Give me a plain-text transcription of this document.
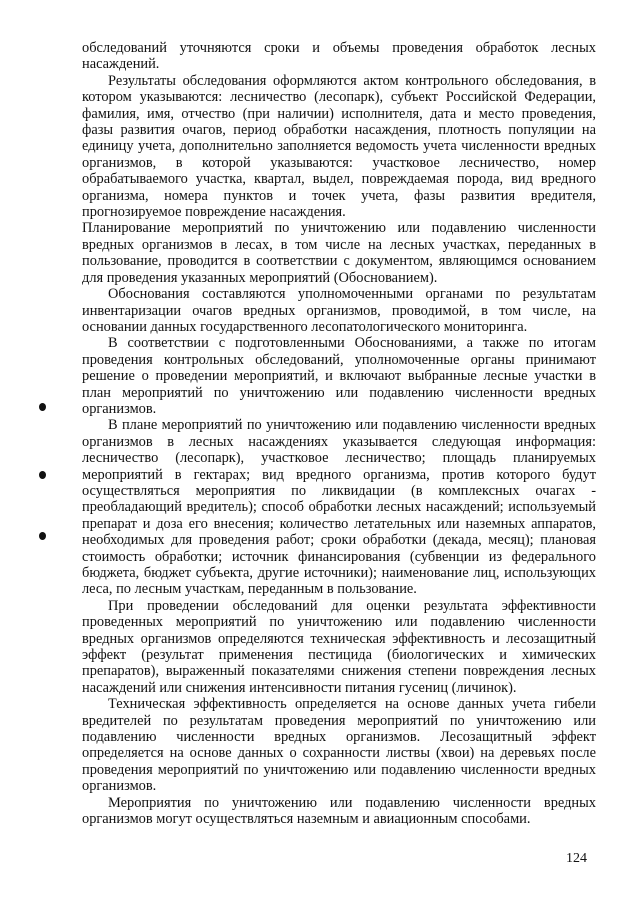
обследований уточняются сроки и объемы проведения обработок лесных насаждений.

Результаты обследования оформляются актом контрольного обследования, в котором указываются: лесничество (лесопарк), субъект Российской Федерации, фамилия, имя, отчество (при наличии) исполнителя, дата и место проведения, фазы развития очагов, период обработки насаждения, плотность популяции на единицу учета, дополнительно заполняется ведомость учета численности вредных организмов, в которой указываются: участковое лесничество, номер обрабатываемого участка, квартал, выдел, повреждаемая порода, вид вредного организма, номера пунктов и точек учета, фазы развития вредителя, прогнозируемое повреждение насаждения.

Планирование мероприятий по уничтожению или подавлению численности вредных организмов в лесах, в том числе на лесных участках, переданных в пользование, проводится в соответствии с документом, являющимся основанием для проведения указанных мероприятий (Обоснованием).

Обоснования составляются уполномоченными органами по результатам инвентаризации очагов вредных организмов, проводимой, в том числе, на основании данных государственного лесопатологического мониторинга.

В соответствии с подготовленными Обоснованиями, а также по итогам проведения контрольных обследований, уполномоченные органы принимают решение о проведении мероприятий, и включают выбранные лесные участки в план мероприятий по уничтожению или подавлению численности вредных организмов.

В плане мероприятий по уничтожению или подавлению численности вредных организмов в лесных насаждениях указывается следующая информация: лесничество (лесопарк), участковое лесничество; площадь планируемых мероприятий в гектарах; вид вредного организма, против которого будут осуществляться мероприятия по ликвидации (в комплексных очагах - преобладающий вредитель); способ обработки лесных насаждений; используемый препарат и доза его внесения; количество летательных или наземных аппаратов, необходимых для проведения работ; сроки обработки (декада, месяц); плановая стоимость обработки; источник финансирования (субвенции из федерального бюджета, бюджет субъекта, другие источники); наименование лиц, использующих леса, по лесным участкам, переданным в пользование.

При проведении обследований для оценки результата эффективности проведенных мероприятий по уничтожению или подавлению численности вредных организмов определяются техническая эффективность и лесозащитный эффект (результат применения пестицида (биологических и химических препаратов), выраженный показателями снижения степени повреждения лесных насаждений или снижения интенсивности питания гусениц (личинок).

Техническая эффективность определяется на основе данных учета гибели вредителей по результатам проведения мероприятий по уничтожению или подавлению численности вредных организмов. Лесозащитный эффект определяется на основе данных о сохранности листвы (хвои) на деревьях после проведения мероприятий по уничтожению или подавлению численности вредных организмов.

Мероприятия по уничтожению или подавлению численности вредных организмов могут осуществляться наземным и авиационным способами.

124
